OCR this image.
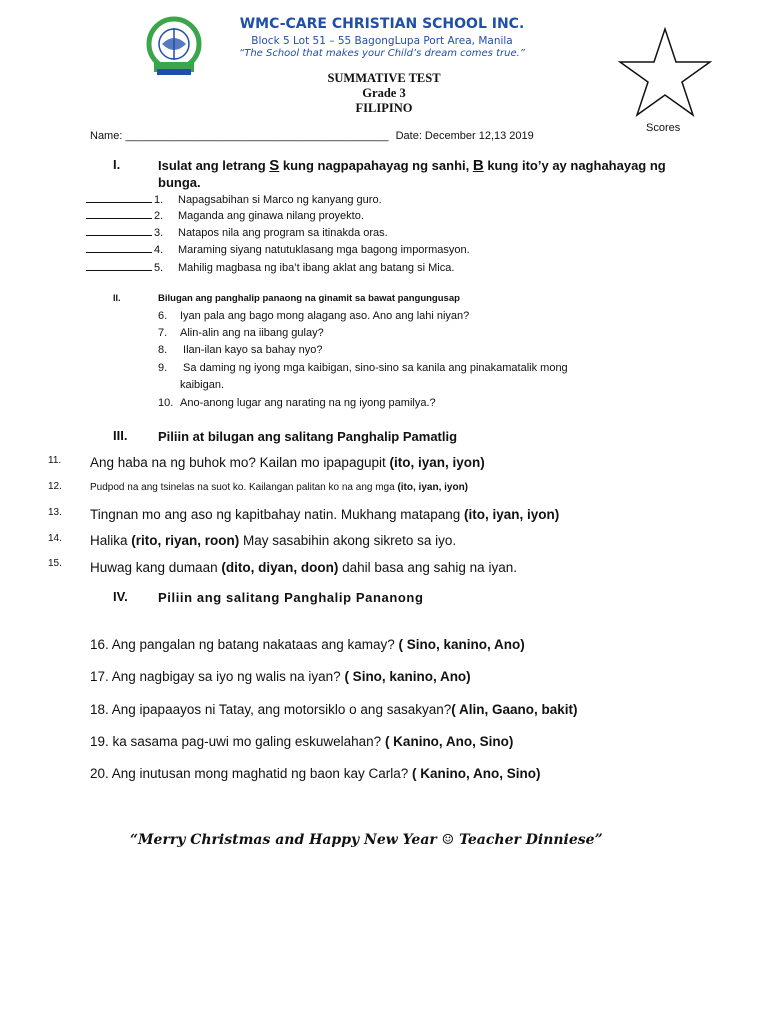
WMC-CARE CHRISTIAN SCHOOL INC.
Block 5 Lot 51 – 55 BagongLupa Port Area, Manila
“The School that makes your Child’s dream comes true.”
Scores
SUMMATIVE TEST
Grade 3
FILIPINO
Name: ___________________________________________ Date: December 12,13 2019
I.	Isulat ang letrang S kung nagpapahayag ng sanhi, B kung ito’y ay naghahayag ng bunga.
1. Napagsabihan si Marco ng kanyang guro.
2. Maganda ang ginawa nilang proyekto.
3. Natapos nila ang program sa itinakda oras.
4. Maraming siyang natutuklasang mga bagong impormasyon.
5. Mahilig magbasa ng iba’t ibang aklat ang batang si Mica.
II.	Bilugan ang panghalip panaong na ginamit sa bawat pangungusap
6. Iyan pala ang bago mong alagang aso. Ano ang lahi niyan?
7. Alin-alin ang na iibang gulay?
8. Ilan-ilan kayo sa bahay nyo?
9. Sa daming ng iyong mga kaibigan, sino-sino sa kanila ang pinakamatalik mong
kaibigan.
10. Ano-anong lugar ang narating na ng iyong pamilya.?
III. Piliin at bilugan ang salitang Panghalip Pamatlig
11. Ang haba na ng buhok mo? Kailan mo ipapagupit (ito, iyan, iyon)
12.	Pudpod na ang tsinelas na suot ko. Kailangan palitan ko na ang mga (ito, iyan, iyon)
13. Tingnan mo ang aso ng kapitbahay natin. Mukhang matapang (ito, iyan, iyon)
14. Halika (rito, riyan, roon) May sasabihin akong sikreto sa iyo.
15. Huwag kang dumaan (dito, diyan, doon) dahil basa ang sahig na iyan.
IV. Piliin ang salitang Panghalip Pananong
16. Ang pangalan ng batang nakataas ang kamay? ( Sino, kanino, Ano)
17. Ang nagbigay sa iyo ng walis na iyan? ( Sino, kanino, Ano)
18. Ang ipapaayos ni Tatay, ang motorsiklo o ang sasakyan?( Alin, Gaano, bakit)
19. ka sasama pag-uwi mo galing eskuwelahan? ( Kanino, Ano, Sino)
20. Ang inutusan mong maghatid ng baon kay Carla? ( Kanino, Ano, Sino)
“Merry Christmas and Happy New Year ☺ Teacher Dinniese”
